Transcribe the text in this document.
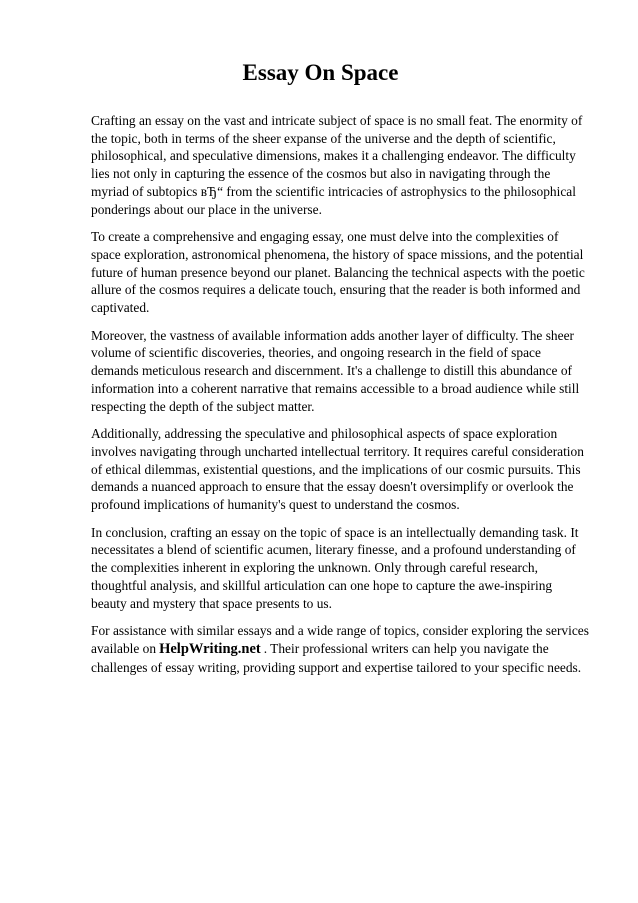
Essay On Space

Crafting an essay on the vast and intricate subject of space is no small feat. The enormity of the topic, both in terms of the sheer expanse of the universe and the depth of scientific, philosophical, and speculative dimensions, makes it a challenging endeavor. The difficulty lies not only in capturing the essence of the cosmos but also in navigating through the myriad of subtopics вЂ“ from the scientific intricacies of astrophysics to the philosophical ponderings about our place in the universe.

To create a comprehensive and engaging essay, one must delve into the complexities of space exploration, astronomical phenomena, the history of space missions, and the potential future of human presence beyond our planet. Balancing the technical aspects with the poetic allure of the cosmos requires a delicate touch, ensuring that the reader is both informed and captivated.

Moreover, the vastness of available information adds another layer of difficulty. The sheer volume of scientific discoveries, theories, and ongoing research in the field of space demands meticulous research and discernment. It's a challenge to distill this abundance of information into a coherent narrative that remains accessible to a broad audience while still respecting the depth of the subject matter.

Additionally, addressing the speculative and philosophical aspects of space exploration involves navigating through uncharted intellectual territory. It requires careful consideration of ethical dilemmas, existential questions, and the implications of our cosmic pursuits. This demands a nuanced approach to ensure that the essay doesn't oversimplify or overlook the profound implications of humanity's quest to understand the cosmos.

In conclusion, crafting an essay on the topic of space is an intellectually demanding task. It necessitates a blend of scientific acumen, literary finesse, and a profound understanding of the complexities inherent in exploring the unknown. Only through careful research, thoughtful analysis, and skillful articulation can one hope to capture the awe-inspiring beauty and mystery that space presents to us.

For assistance with similar essays and a wide range of topics, consider exploring the services available on HelpWriting.net . Their professional writers can help you navigate the challenges of essay writing, providing support and expertise tailored to your specific needs.
